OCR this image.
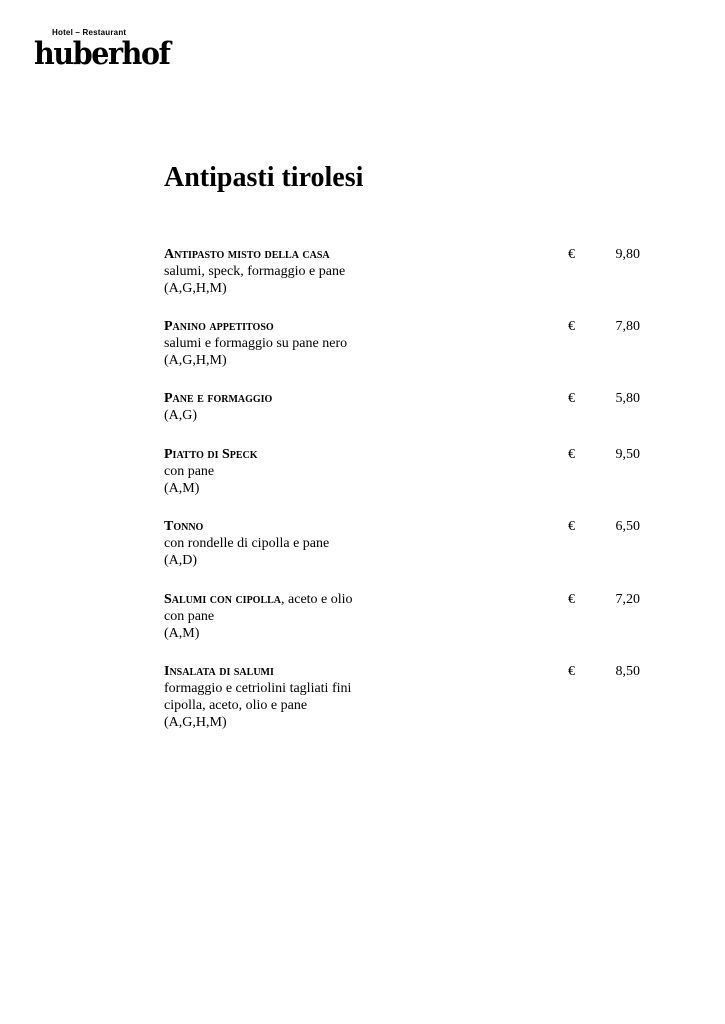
Hotel – Restaurant
huberhof
Antipasti tirolesi
Antipasto misto della casa
salumi, speck, formaggio e pane
(A,G,H,M)
€	9,80
Panino appetitoso
salumi e formaggio su pane nero
(A,G,H,M)
€	7,80
Pane e formaggio
(A,G)
€	5,80
Piatto di Speck
con pane
(A,M)
€	9,50
Tonno
con rondelle di cipolla e pane
(A,D)
€	6,50
Salumi con cipolla, aceto e olio
con pane
(A,M)
€	7,20
Insalata di salumi
formaggio e cetriolini tagliati fini
cipolla, aceto, olio e pane
(A,G,H,M)
€	8,50
